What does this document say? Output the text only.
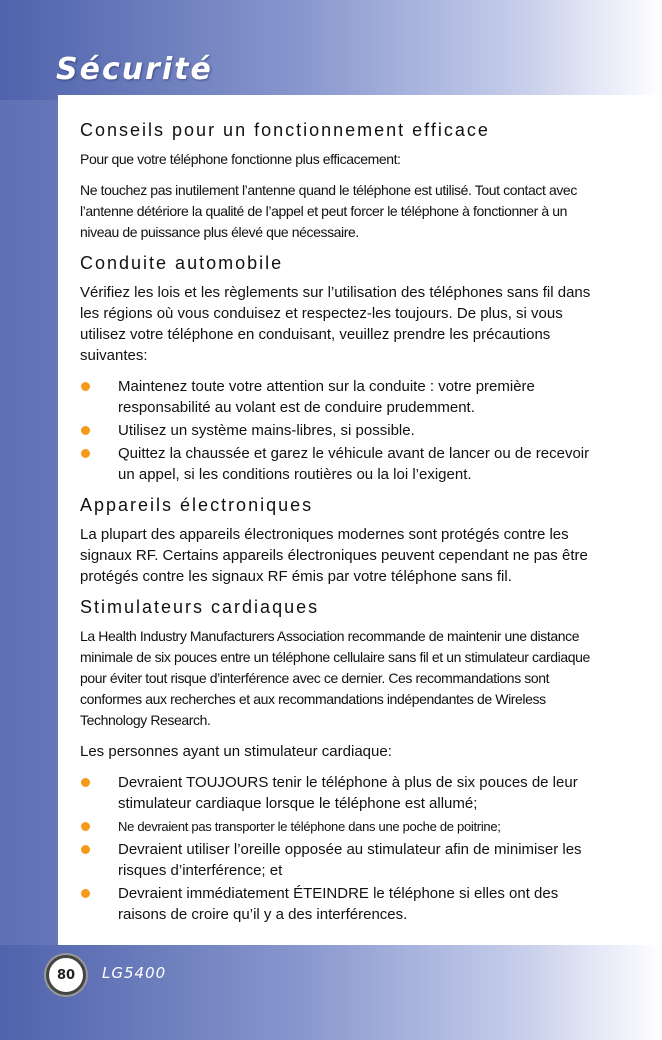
Sécurité
Conseils pour un fonctionnement efficace

Pour que votre téléphone fonctionne plus efficacement:

Ne touchez pas inutilement l’antenne quand le téléphone est utilisé. Tout contact avec l’antenne détériore la qualité de l’appel et peut forcer le téléphone à fonctionner à un niveau de puissance plus élevé que nécessaire.

Conduite automobile

Vérifiez les lois et les règlements sur l’utilisation des téléphones sans fil dans les régions où vous conduisez et respectez-les toujours. De plus, si vous utilisez votre téléphone en conduisant, veuillez prendre les précautions suivantes:

Maintenez toute votre attention sur la conduite : votre première responsabilité au volant est de conduire prudemment.
Utilisez un système mains-libres, si possible.
Quittez la chaussée et garez le véhicule avant de lancer ou de recevoir un appel, si les conditions routières ou la loi l’exigent.
Appareils électroniques

La plupart des appareils électroniques modernes sont protégés contre les signaux RF. Certains appareils électroniques peuvent cependant ne pas être protégés contre les signaux RF émis par votre téléphone sans fil.

Stimulateurs cardiaques

La Health Industry Manufacturers Association recommande de maintenir une distance minimale de six pouces entre un téléphone cellulaire sans fil et un stimulateur cardiaque pour éviter tout risque d’interférence avec ce dernier. Ces recommandations sont conformes aux recherches et aux recommandations indépendantes de Wireless Technology Research.

Les personnes ayant un stimulateur cardiaque:

Devraient TOUJOURS tenir le téléphone à plus de six pouces de leur stimulateur cardiaque lorsque le téléphone est allumé;
Ne devraient pas transporter le téléphone dans une poche de poitrine;
Devraient utiliser l’oreille opposée au stimulateur afin de minimiser les risques d’interférence; et
Devraient immédiatement ÉTEINDRE le téléphone si elles ont des raisons de croire qu’il y a des interférences.
80	LG5400
